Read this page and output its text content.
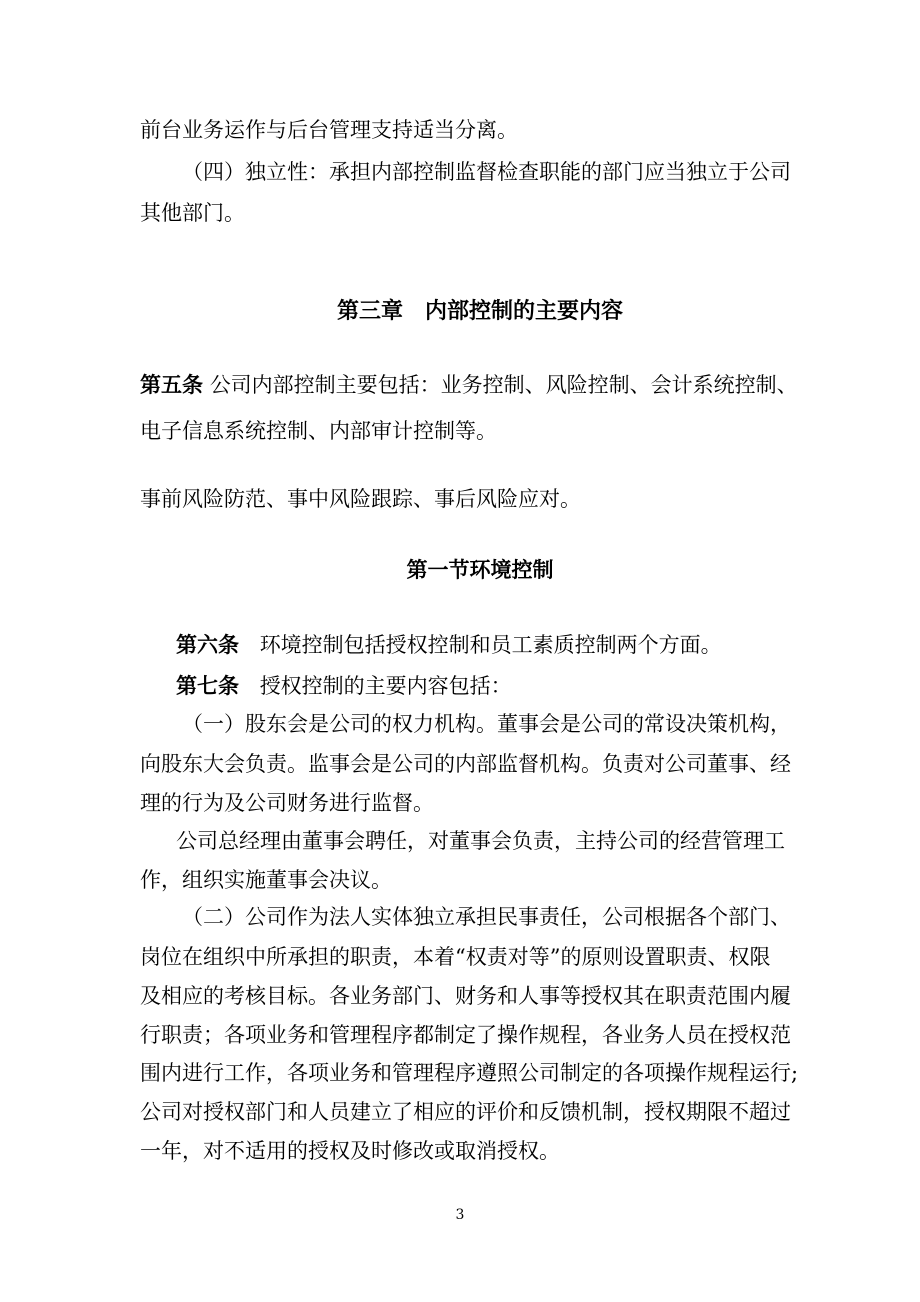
前台业务运作与后台管理支持适当分离。
（四）独立性：承担内部控制监督检查职能的部门应当独立于公司
其他部门。
第三章　内部控制的主要内容
第五条 公司内部控制主要包括：业务控制、风险控制、会计系统控制、
电子信息系统控制、内部审计控制等。
事前风险防范、事中风险跟踪、事后风险应对。
第一节环境控制
第六条 环境控制包括授权控制和员工素质控制两个方面。
第七条 授权控制的主要内容包括：
（一）股东会是公司的权力机构。董事会是公司的常设决策机构，
向股东大会负责。监事会是公司的内部监督机构。负责对公司董事、经
理的行为及公司财务进行监督。
公司总经理由董事会聘任，对董事会负责，主持公司的经营管理工
作，组织实施董事会决议。
（二）公司作为法人实体独立承担民事责任，公司根据各个部门、
岗位在组织中所承担的职责，本着“权责对等”的原则设置职责、权限
及相应的考核目标。各业务部门、财务和人事等授权其在职责范围内履
行职责；各项业务和管理程序都制定了操作规程，各业务人员在授权范
围内进行工作，各项业务和管理程序遵照公司制定的各项操作规程运行;
公司对授权部门和人员建立了相应的评价和反馈机制，授权期限不超过
一年，对不适用的授权及时修改或取消授权。
3
